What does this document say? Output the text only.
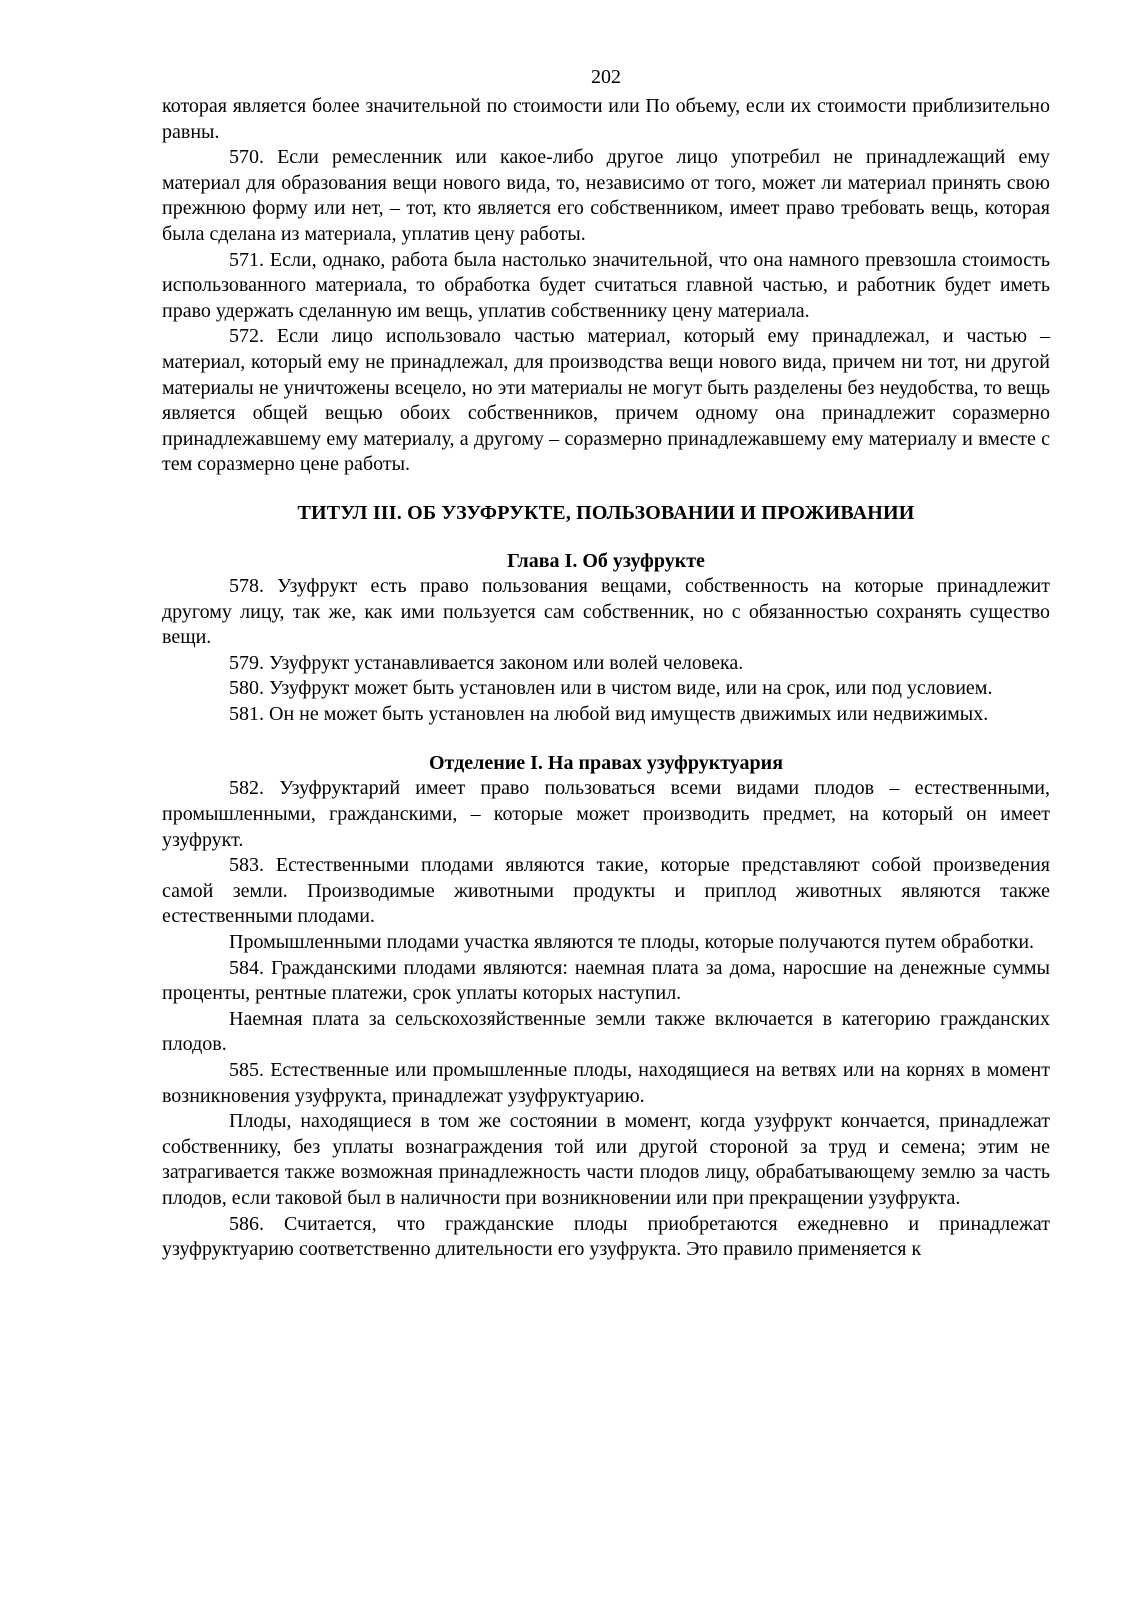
202

которая является более значительной по стоимости или По объему, если их стоимости приблизительно равны.

570. Если ремесленник или какое-либо другое лицо употребил не принадлежащий ему материал для образования вещи нового вида, то, независимо от того, может ли материал принять свою прежнюю форму или нет, – тот, кто является его собственником, имеет право требовать вещь, которая была сделана из материала, уплатив цену работы.

571. Если, однако, работа была настолько значительной, что она намного превзошла стоимость использованного материала, то обработка будет считаться главной частью, и работник будет иметь право удержать сделанную им вещь, уплатив собственнику цену материала.

572. Если лицо использовало частью материал, который ему принадлежал, и частью – материал, который ему не принадлежал, для производства вещи нового вида, причем ни тот, ни другой материалы не уничтожены всецело, но эти материалы не могут быть разделены без неудобства, то вещь является общей вещью обоих собственников, причем одному она принадлежит соразмерно принадлежавшему ему материалу, а другому – соразмерно принадлежавшему ему материалу и вместе с тем соразмерно цене работы.

ТИТУЛ III. ОБ УЗУФРУКТЕ, ПОЛЬЗОВАНИИ И ПРОЖИВАНИИ
Глава I. Об узуфрукте

578. Узуфрукт есть право пользования вещами, собственность на которые принадлежит другому лицу, так же, как ими пользуется сам собственник, но с обязанностью сохранять существо вещи.

579. Узуфрукт устанавливается законом или волей человека.

580. Узуфрукт может быть установлен или в чистом виде, или на срок, или под условием.

581. Он не может быть установлен на любой вид имуществ движимых или недвижимых.

Отделение I. На правах узуфруктуария

582. Узуфруктарий имеет право пользоваться всеми видами плодов – естественными, промышленными, гражданскими, – которые может производить предмет, на который он имеет узуфрукт.

583. Естественными плодами являются такие, которые представляют собой произведения самой земли. Производимые животными продукты и приплод животных являются также естественными плодами.

Промышленными плодами участка являются те плоды, которые получаются путем обработки.

584. Гражданскими плодами являются: наемная плата за дома, наросшие на денежные суммы проценты, рентные платежи, срок уплаты которых наступил.

Наемная плата за сельскохозяйственные земли также включается в категорию гражданских плодов.

585. Естественные или промышленные плоды, находящиеся на ветвях или на корнях в момент возникновения узуфрукта, принадлежат узуфруктуарию.

Плоды, находящиеся в том же состоянии в момент, когда узуфрукт кончается, принадлежат собственнику, без уплаты вознаграждения той или другой стороной за труд и семена; этим не затрагивается также возможная принадлежность части плодов лицу, обрабатывающему землю за часть плодов, если таковой был в наличности при возникновении или при прекращении узуфрукта.

586. Считается, что гражданские плоды приобретаются ежедневно и принадлежат узуфруктуарию соответственно длительности его узуфрукта. Это правило применяется к
